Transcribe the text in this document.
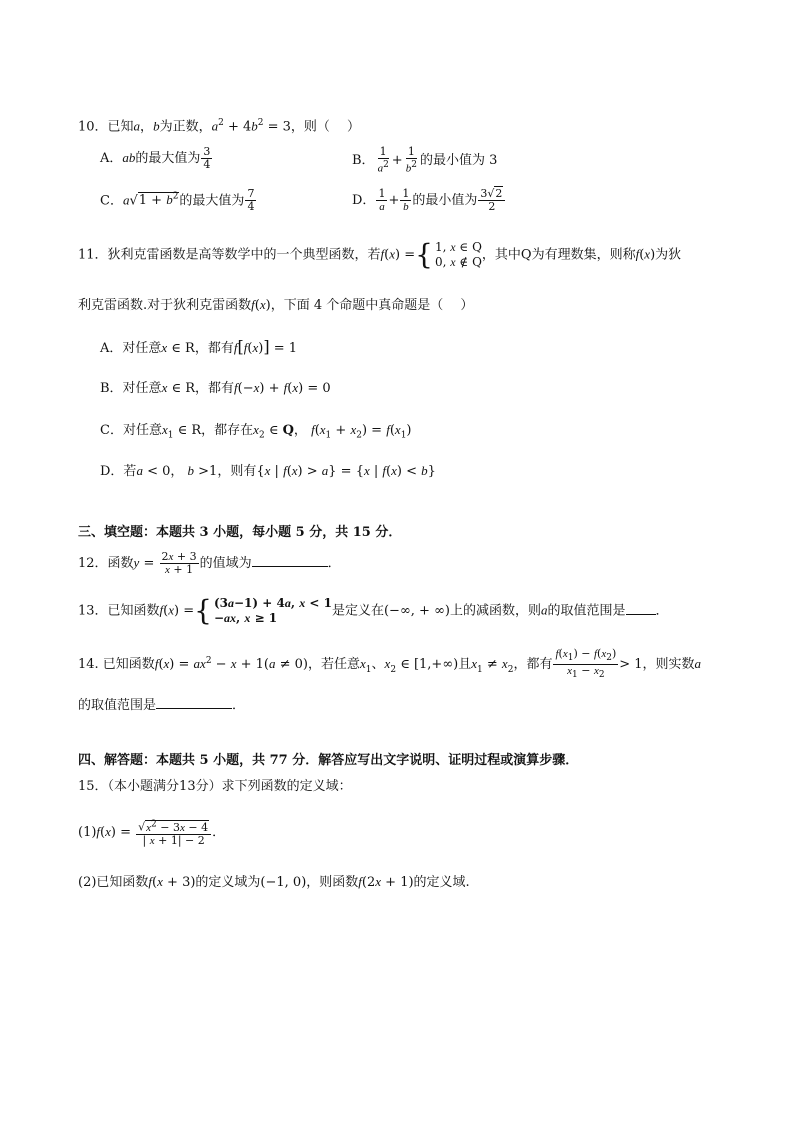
10．已知a，b为正数，$a^2 + 4b^2 = 3$，则（　 ）
A．ab的最大值为 $\frac{3}{4}$	B． $\frac{1}{a^2} + \frac{1}{b^2}$ 的最小值为 3
C．$a√1 + b^2$的最大值为 $\frac{7}{4}$	D． $\frac{1}{a} + \frac{1}{b}$ 的最小值为 $\frac{3√2}{2}$
11．狄利克雷函数是高等数学中的一个典型函数，若f(x) = { 1, x ∈ Q
0, x ∉ Q ，其中Q为有理数集，则称f(x)为狄
利克雷函数.对于狄利克雷函数f(x)，下面 4 个命题中真命题是（　 ）
A．对任意x ∈ R，都有f[f(x)] = 1
B．对任意x ∈ R，都有f(−x) + f(x) = 0
C．对任意$x_1$ ∈ R，都存在$x_2$ ∈ Q， $f(x_1 + x_2) = f(x_1)$
D．若a < 0， b >1，则有{x | f(x) > a} = {x | f(x) < b}
三、填空题：本题共 3 小题，每小题 5 分，共 15 分．
12．函数$y = \frac{2x + 3}{x + 1}$ 的值域为	．
13．已知函数f(x) = { (3a−1) + 4a, x < 1
−ax, x ≥ 1	是定义在(−∞, + ∞)上的减函数，则a的取值范围是 ．
14. 已知函数$f(x) = ax^2 - x + 1(a \ne 0)$，若任意$x_1$、$x_2$ ∈ [1,+∞)且$x_1 \ne x_2$，都有 $\frac{f(x_1) - f(x_2)}{x_1 - x_2} > 1$，则实数a
的取值范围是	．
四、解答题：本题共 5 小题，共 77 分．解答应写出文字说明、证明过程或演算步骤．
15．（本小题满分13分）求下列函数的定义域：
$(1)f(x) = \frac{√x^2 - 3x - 4}{| x + 1| - 2}$ ．
(2)已知函数f(x + 3)的定义域为(−1, 0)，则函数f(2x + 1)的定义域.
